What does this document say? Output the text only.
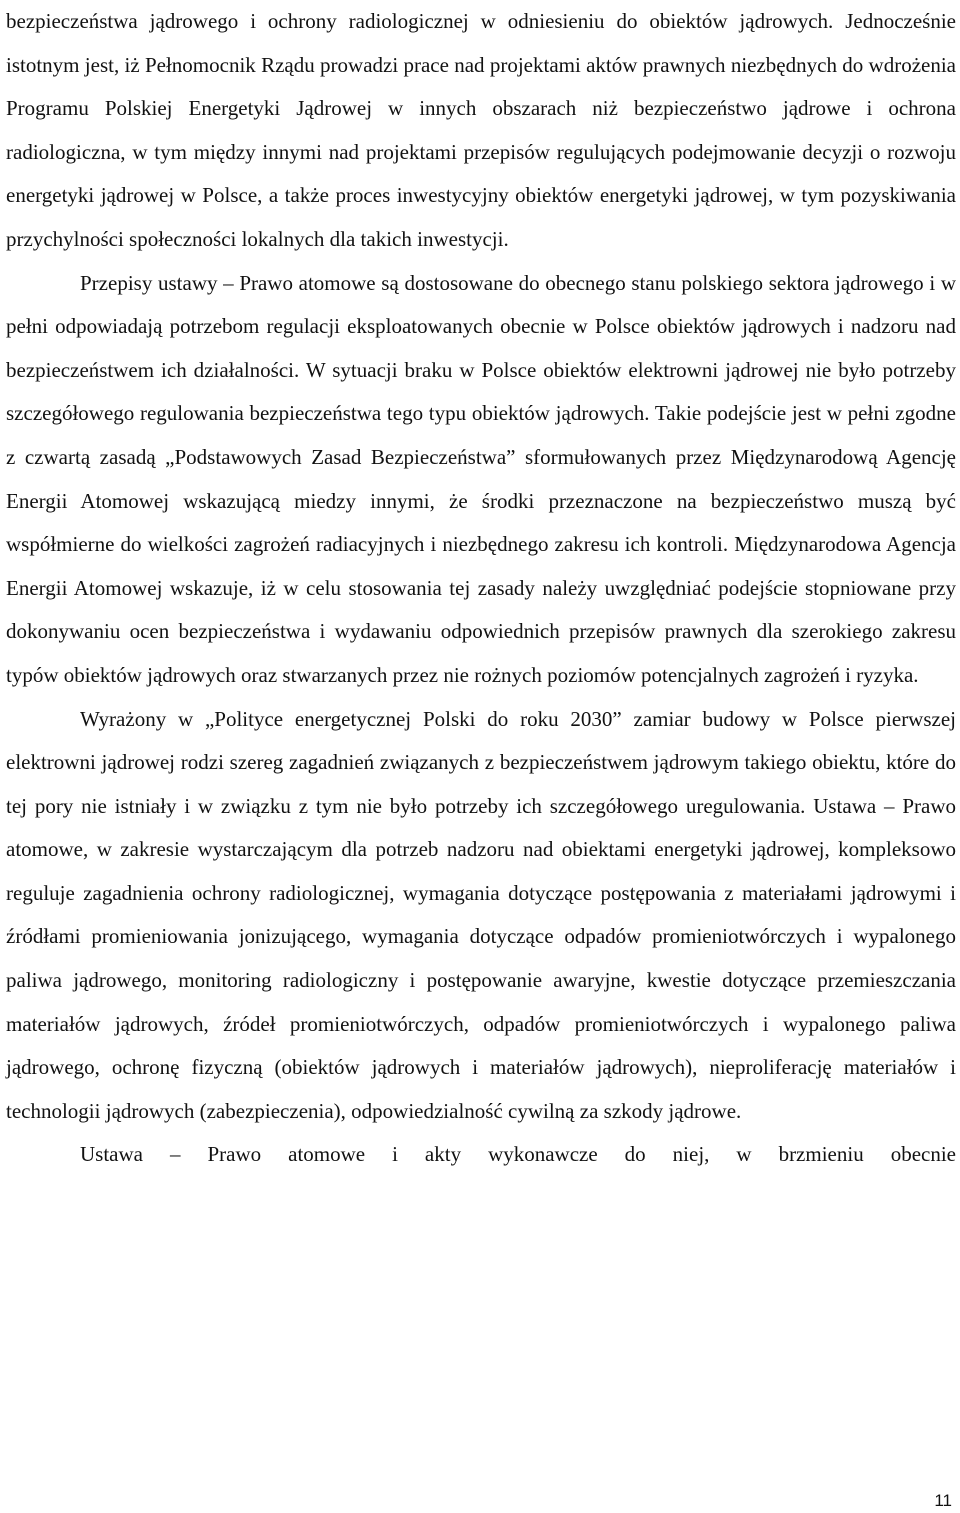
bezpieczeństwa jądrowego i ochrony radiologicznej w odniesieniu do obiektów jądrowych. Jednocześnie istotnym jest, iż Pełnomocnik Rządu prowadzi prace nad projektami aktów prawnych niezbędnych do wdrożenia Programu Polskiej Energetyki Jądrowej w innych obszarach niż bezpieczeństwo jądrowe i ochrona radiologiczna, w tym między innymi nad projektami przepisów regulujących podejmowanie decyzji o rozwoju energetyki jądrowej w Polsce, a także proces inwestycyjny obiektów energetyki jądrowej, w tym pozyskiwania przychylności społeczności lokalnych dla takich inwestycji.

Przepisy ustawy – Prawo atomowe są dostosowane do obecnego stanu polskiego sektora jądrowego i w pełni odpowiadają potrzebom regulacji eksploatowanych obecnie w Polsce obiektów jądrowych i nadzoru nad bezpieczeństwem ich działalności. W sytuacji braku w Polsce obiektów elektrowni jądrowej nie było potrzeby szczegółowego regulowania bezpieczeństwa tego typu obiektów jądrowych. Takie podejście jest w pełni zgodne z czwartą zasadą „Podstawowych Zasad Bezpieczeństwa” sformułowanych przez Międzynarodową Agencję Energii Atomowej wskazującą miedzy innymi, że środki przeznaczone na bezpieczeństwo muszą być współmierne do wielkości zagrożeń radiacyjnych i niezbędnego zakresu ich kontroli. Międzynarodowa Agencja Energii Atomowej wskazuje, iż w celu stosowania tej zasady należy uwzględniać podejście stopniowane przy dokonywaniu ocen bezpieczeństwa i wydawaniu odpowiednich przepisów prawnych dla szerokiego zakresu typów obiektów jądrowych oraz stwarzanych przez nie rożnych poziomów potencjalnych zagrożeń i ryzyka.

Wyrażony w „Polityce energetycznej Polski do roku 2030” zamiar budowy w Polsce pierwszej elektrowni jądrowej rodzi szereg zagadnień związanych z bezpieczeństwem jądrowym takiego obiektu, które do tej pory nie istniały i w związku z tym nie było potrzeby ich szczegółowego uregulowania. Ustawa – Prawo atomowe, w zakresie wystarczającym dla potrzeb nadzoru nad obiektami energetyki jądrowej, kompleksowo reguluje zagadnienia ochrony radiologicznej, wymagania dotyczące postępowania z materiałami jądrowymi i źródłami promieniowania jonizującego, wymagania dotyczące odpadów promieniotwórczych i wypalonego paliwa jądrowego, monitoring radiologiczny i postępowanie awaryjne, kwestie dotyczące przemieszczania materiałów jądrowych, źródeł promieniotwórczych, odpadów promieniotwórczych i wypalonego paliwa jądrowego, ochronę fizyczną (obiektów jądrowych i materiałów jądrowych), nieproliferację materiałów i technologii jądrowych (zabezpieczenia), odpowiedzialność cywilną za szkody jądrowe.

Ustawa – Prawo atomowe i akty wykonawcze do niej, w brzmieniu obecnie

11
